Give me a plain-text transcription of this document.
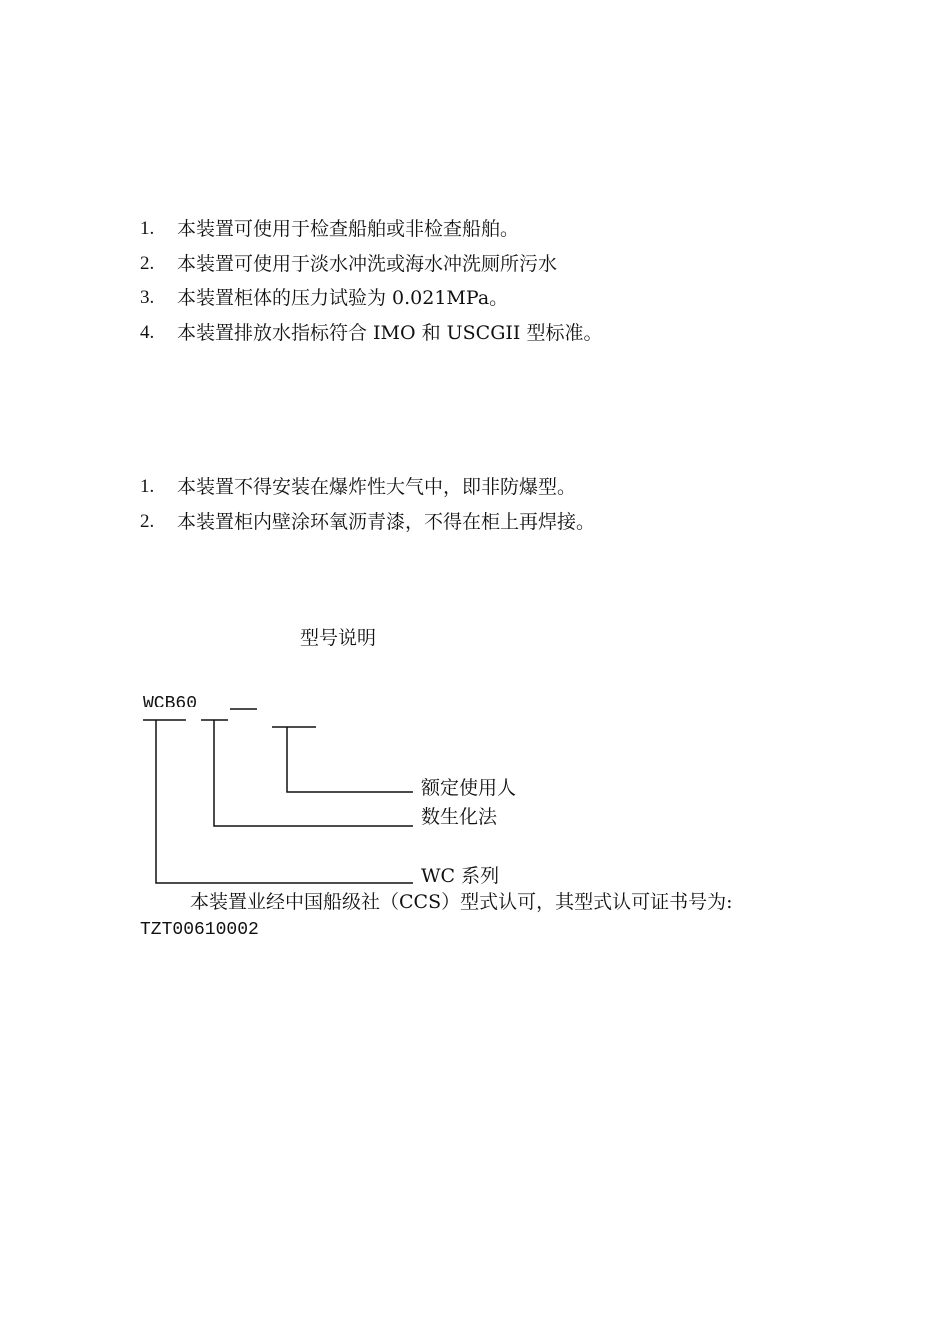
1.	本装置可使用于检查船舶或非检查船舶。
2.	本装置可使用于淡水冲洗或海水冲洗厕所污水
3.	本装置柜体的压力试验为 0.021MPa。
4.	本装置排放水指标符合 IMO 和 USCGII 型标准。
1.	本装置不得安装在爆炸性大气中，即非防爆型。
2.	本装置柜内壁涂环氧沥青漆，不得在柜上再焊接。
型号说明
WCB60
额定使用人
数生化法
WC 系列
本装置业经中国船级社（CCS）型式认可，其型式认可证书号为:
TZT00610002
